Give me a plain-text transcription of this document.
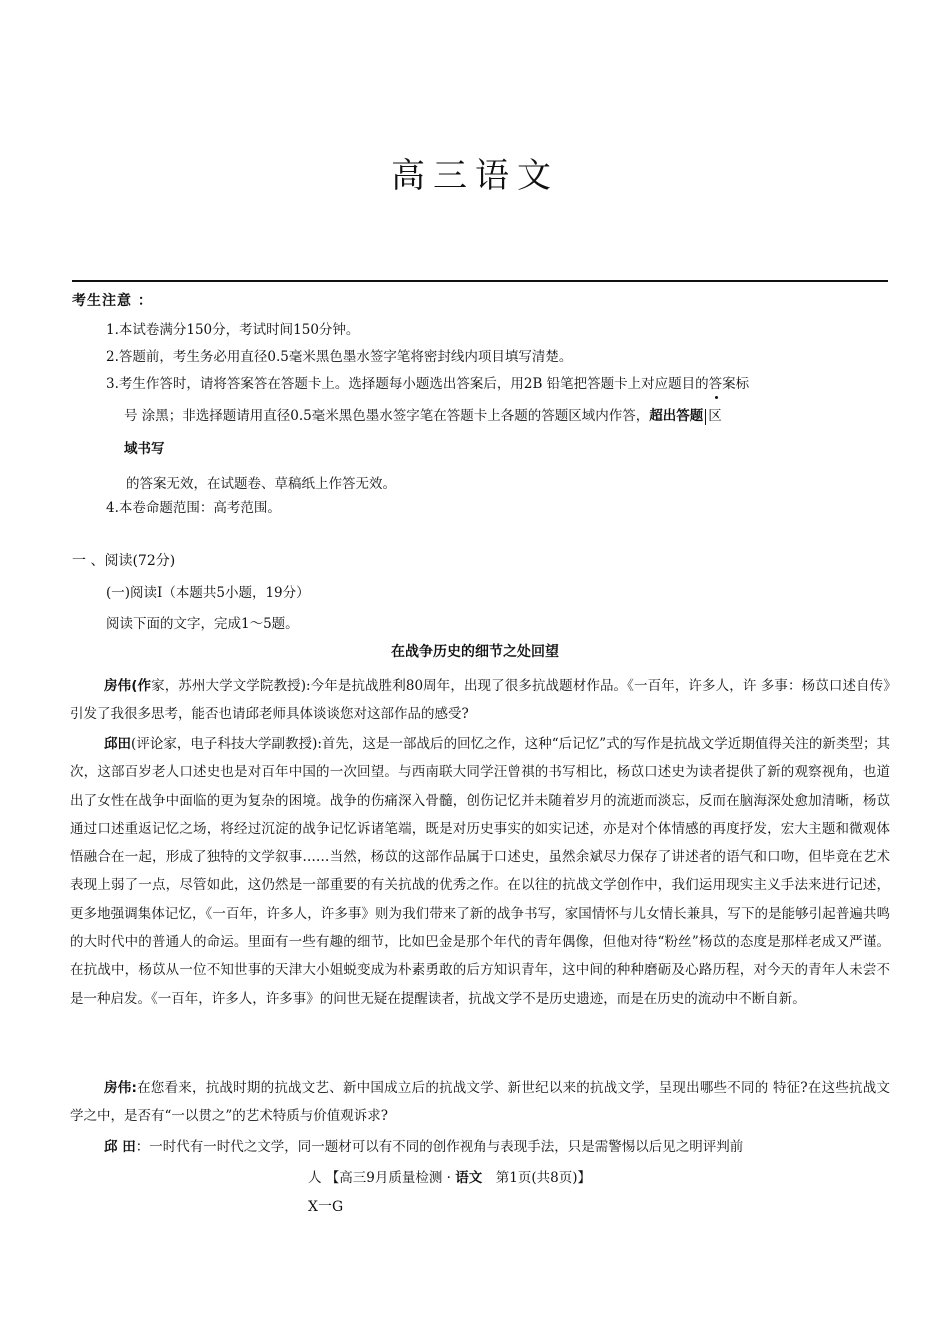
高三语文
考生注意 ：
1.本试卷满分150分，考试时间150分钟。
2.答题前，考生务必用直径0.5毫米黑色墨水签字笔将密封线内项目填写清楚。
3.考生作答时，请将答案答在答题卡上。选择题每小题选出答案后，用2B 铅笔把答题卡上对应题目的答案标
号 涂黑；非选择题请用直径0.5毫米黑色墨水签字笔在答题卡上各题的答题区域内作答，超出答题 区
域书写
的答案无效，在试题卷、草稿纸上作答无效。
4.本卷命题范围：高考范围。
一 、阅读(72分)
(一)阅读I（本题共5小题，19分）
阅读下面的文字，完成1～5题。
在战争历史的细节之处回望
房伟(作家，苏州大学文学院教授):今年是抗战胜利80周年，出现了很多抗战题材作品。《一百年，许多人，许 多事：杨苡口述自传》引发了我很多思考，能否也请邱老师具体谈谈您对这部作品的感受?
邱田(评论家，电子科技大学副教授):首先，这是一部战后的回忆之作，这种“后记忆”式的写作是抗战文学近期值得关注的新类型；其次，这部百岁老人口述史也是对百年中国的一次回望。与西南联大同学汪曾祺的书写相比，杨苡口述史为读者提供了新的观察视角，也道出了女性在战争中面临的更为复杂的困境。战争的伤痛深入骨髓，创伤记忆并未随着岁月的流逝而淡忘，反而在脑海深处愈加清晰，杨苡通过口述重返记忆之场，将经过沉淀的战争记忆诉诸笔端，既是对历史事实的如实记述，亦是对个体情感的再度抒发，宏大主题和微观体悟融合在一起，形成了独特的文学叙事……当然，杨苡的这部作品属于口述史，虽然余斌尽力保存了讲述者的语气和口吻，但毕竟在艺术表现上弱了一点，尽管如此，这仍然是一部重要的有关抗战的优秀之作。在以往的抗战文学创作中，我们运用现实主义手法来进行记述，更多地强调集体记忆，《一百年，许多人，许多事》则为我们带来了新的战争书写，家国情怀与儿女情长兼具，写下的是能够引起普遍共鸣的大时代中的普通人的命运。里面有一些有趣的细节，比如巴金是那个年代的青年偶像，但他对待“粉丝”杨苡的态度是那样老成又严谨。在抗战中，杨苡从一位不知世事的天津大小姐蜕变成为朴素勇敢的后方知识青年，这中间的种种磨砺及心路历程，对今天的青年人未尝不是一种启发。《一百年，许多人，许多事》的问世无疑在提醒读者，抗战文学不是历史遗迹，而是在历史的流动中不断自新。
房伟:在您看来，抗战时期的抗战文艺、新中国成立后的抗战文学、新世纪以来的抗战文学，呈现出哪些不同的 特征?在这些抗战文学之中，是否有“一以贯之”的艺术特质与价值观诉求?
邱 田：一时代有一时代之文学，同一题材可以有不同的创作视角与表现手法，只是需警惕以后见之明评判前
人 【高三9月质量检测 · 语文　第1页(共8页)】
X一G
